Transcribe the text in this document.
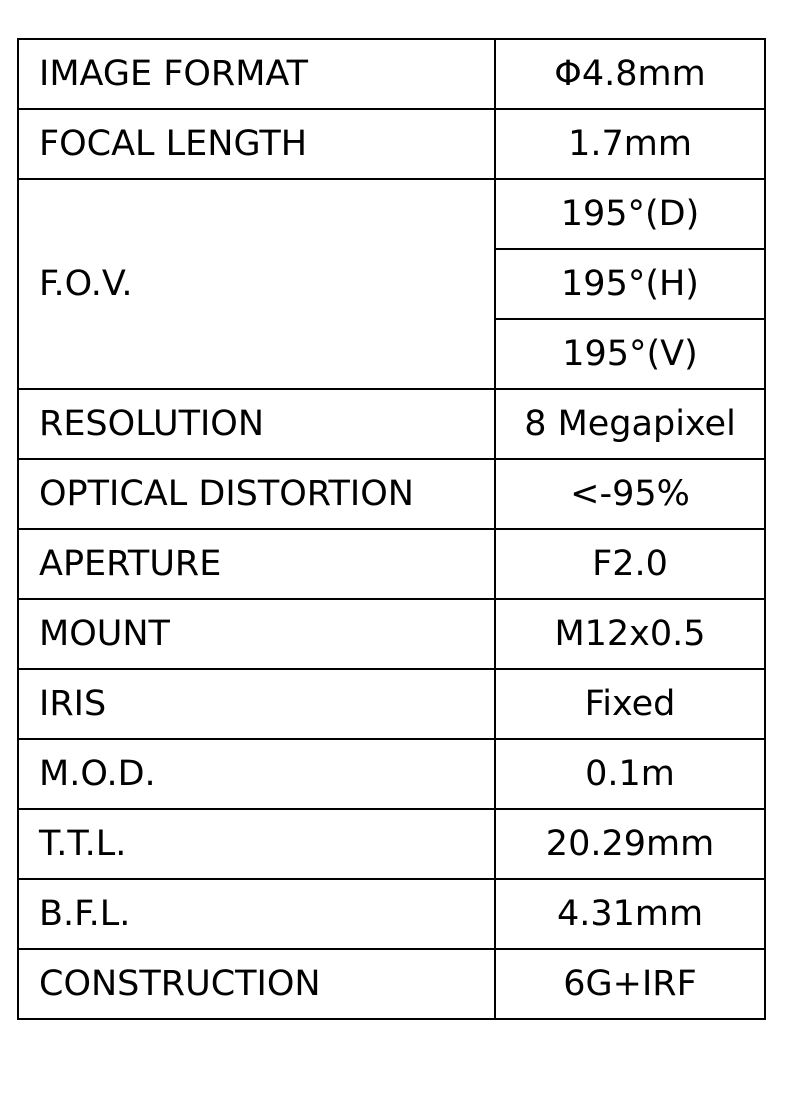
IMAGE FORMAT	Φ4.8mm
FOCAL LENGTH	1.7mm
F.O.V.	195°(D)
	195°(H)
	195°(V)
RESOLUTION	8 Megapixel
OPTICAL DISTORTION	<-95%
APERTURE	F2.0
MOUNT	M12x0.5
IRIS	Fixed
M.O.D.	0.1m
T.T.L.	20.29mm
B.F.L.	4.31mm
CONSTRUCTION	6G+IRF
